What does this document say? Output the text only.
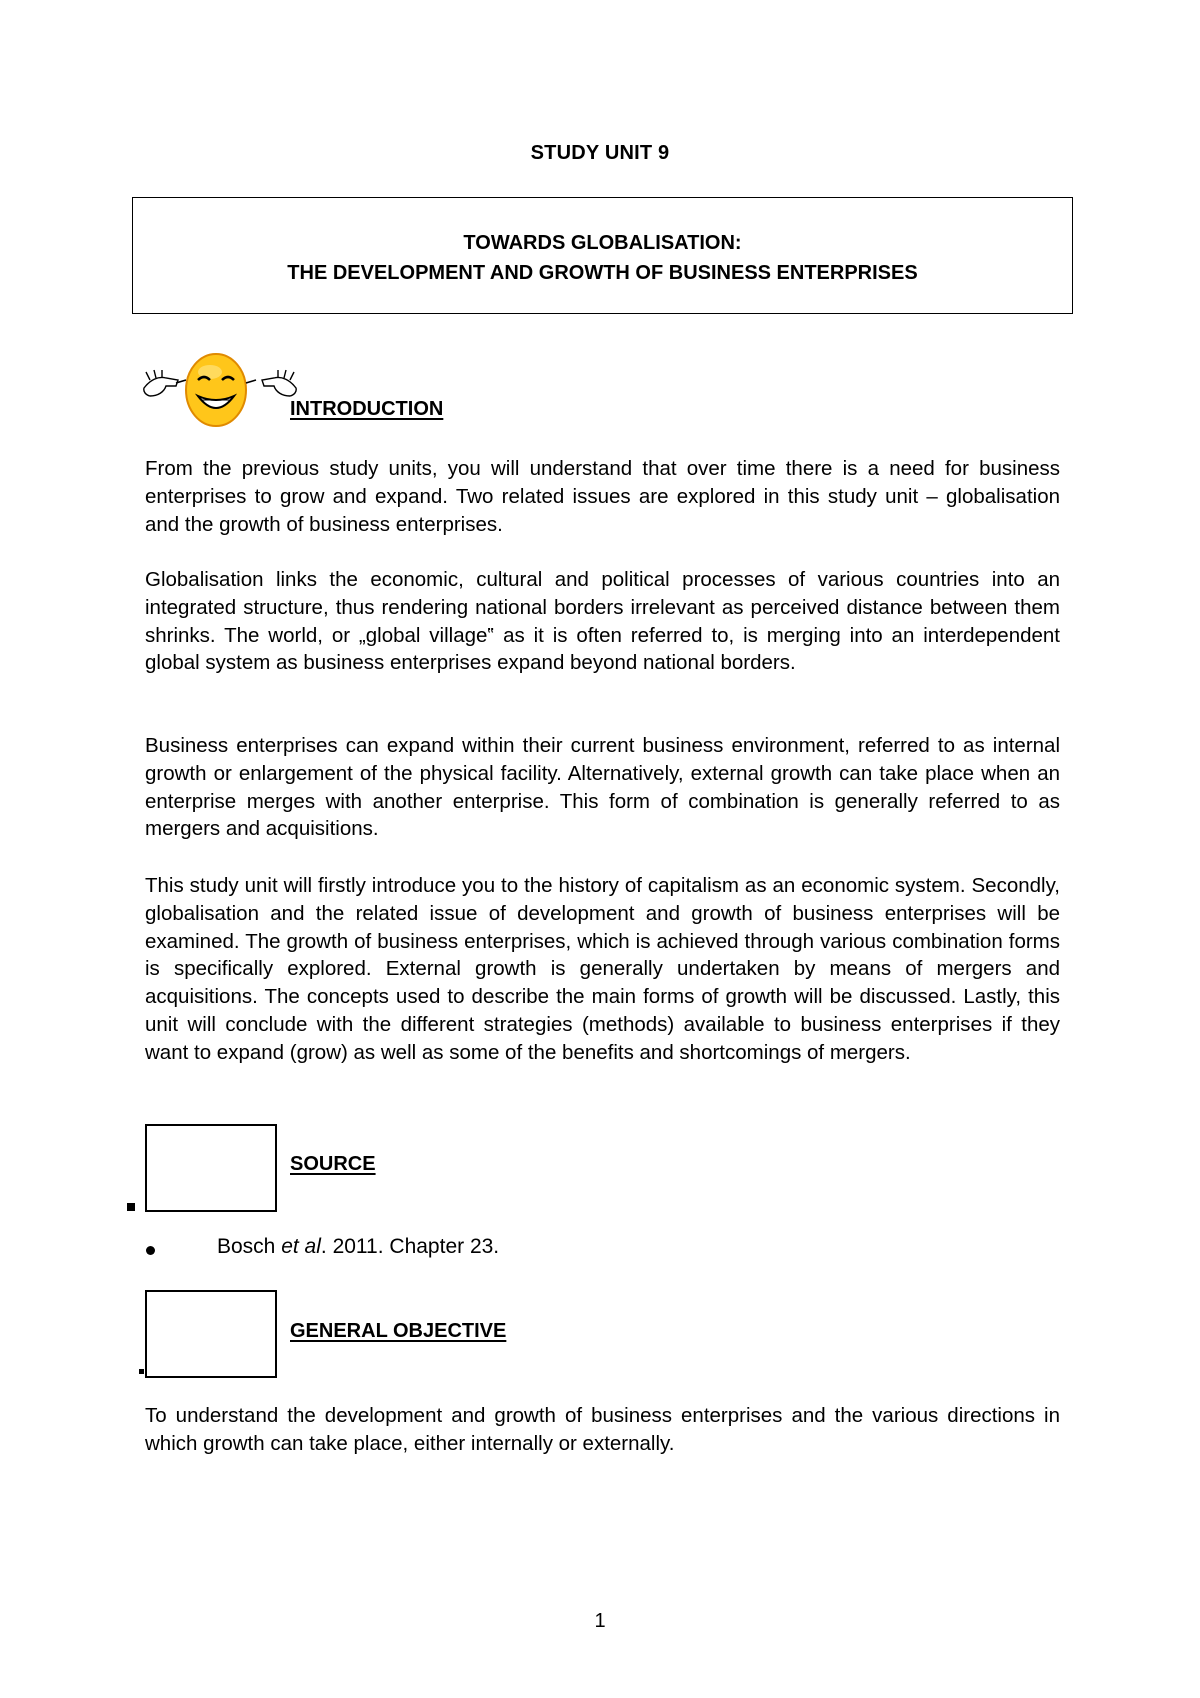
STUDY UNIT 9
TOWARDS GLOBALISATION:
THE DEVELOPMENT AND GROWTH OF BUSINESS ENTERPRISES
INTRODUCTION

From the previous study units, you will understand that over time there is a need for business enterprises to grow and expand. Two related issues are explored in this study unit – globalisation and the growth of business enterprises.

Globalisation links the economic, cultural and political processes of various countries into an integrated structure, thus rendering national borders irrelevant as perceived distance between them shrinks. The world, or „global village‟ as it is often referred to, is merging into an interdependent global system as business enterprises expand beyond national borders.

Business enterprises can expand within their current business environment, referred to as internal growth or enlargement of the physical facility. Alternatively, external growth can take place when an enterprise merges with another enterprise. This form of combination is generally referred to as mergers and acquisitions.

This study unit will firstly introduce you to the history of capitalism as an economic system. Secondly, globalisation and the related issue of development and growth of business enterprises will be examined. The growth of business enterprises, which is achieved through various combination forms is specifically explored. External growth is generally undertaken by means of mergers and acquisitions. The concepts used to describe the main forms of growth will be discussed. Lastly, this unit will conclude with the different strategies (methods) available to business enterprises if they want to expand (grow) as well as some of the benefits and shortcomings of mergers.

SOURCE
Bosch et al. 2011. Chapter 23.
GENERAL OBJECTIVE

To understand the development and growth of business enterprises and the various directions in which growth can take place, either internally or externally.

1
